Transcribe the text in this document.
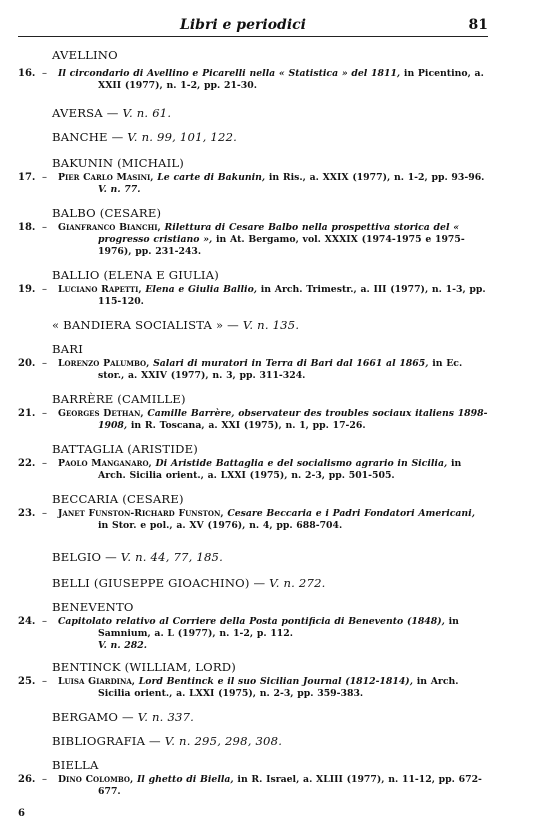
Libri e periodici	81
AVELLINO
16. – Il circondario di Avellino e Picarelli nella « Statistica » del 1811, in Picentino, a. XXII (1977), n. 1-2, pp. 21-30.
AVERSA — V. n. 61.
BANCHE — V. n. 99, 101, 122.
BAKUNIN (MICHAIL)
17. – Pier Carlo Masini, Le carte di Bakunin, in Ris., a. XXIX (1977), n. 1-2, pp. 93-96.
V. n. 77.
BALBO (CESARE)
18. – Gianfranco Bianchi, Rilettura di Cesare Balbo nella prospettiva storica del « progresso cristiano », in At. Bergamo, vol. XXXIX (1974-1975 e 1975-1976), pp. 231-243.
BALLIO (ELENA E GIULIA)
19. – Luciano Rapetti, Elena e Giulia Ballio, in Arch. Trimestr., a. III (1977), n. 1-3, pp. 115-120.
« BANDIERA SOCIALISTA » — V. n. 135.
BARI
20. – Lorenzo Palumbo, Salari di muratori in Terra di Bari dal 1661 al 1865, in Ec. stor., a. XXIV (1977), n. 3, pp. 311-324.
BARRÈRE (CAMILLE)
21. – Georges Dethan, Camille Barrère, observateur des troubles sociaux italiens 1898-1908, in R. Toscana, a. XXI (1975), n. 1, pp. 17-26.
BATTAGLIA (ARISTIDE)
22. – Paolo Manganaro, Di Aristide Battaglia e del socialismo agrario in Sicilia, in Arch. Sicilia orient., a. LXXI (1975), n. 2-3, pp. 501-505.
BECCARIA (CESARE)
23. – Janet Funston-Richard Funston, Cesare Beccaria e i Padri Fondatori Americani, in Stor. e pol., a. XV (1976), n. 4, pp. 688-704.
BELGIO — V. n. 44, 77, 185.
BELLI (GIUSEPPE GIOACHINO) — V. n. 272.
BENEVENTO
24. – Capitolato relativo al Corriere della Posta pontificia di Benevento (1848), in Samnium, a. L (1977), n. 1-2, p. 112.
V. n. 282.
BENTINCK (WILLIAM, LORD)
25. – Luisa Giardina, Lord Bentinck e il suo Sicilian Journal (1812-1814), in Arch. Sicilia orient., a. LXXI (1975), n. 2-3, pp. 359-383.
BERGAMO — V. n. 337.
BIBLIOGRAFIA — V. n. 295, 298, 308.
BIELLA
26. – Dino Colombo, Il ghetto di Biella, in R. Israel, a. XLIII (1977), n. 11-12, pp. 672-677.
6
